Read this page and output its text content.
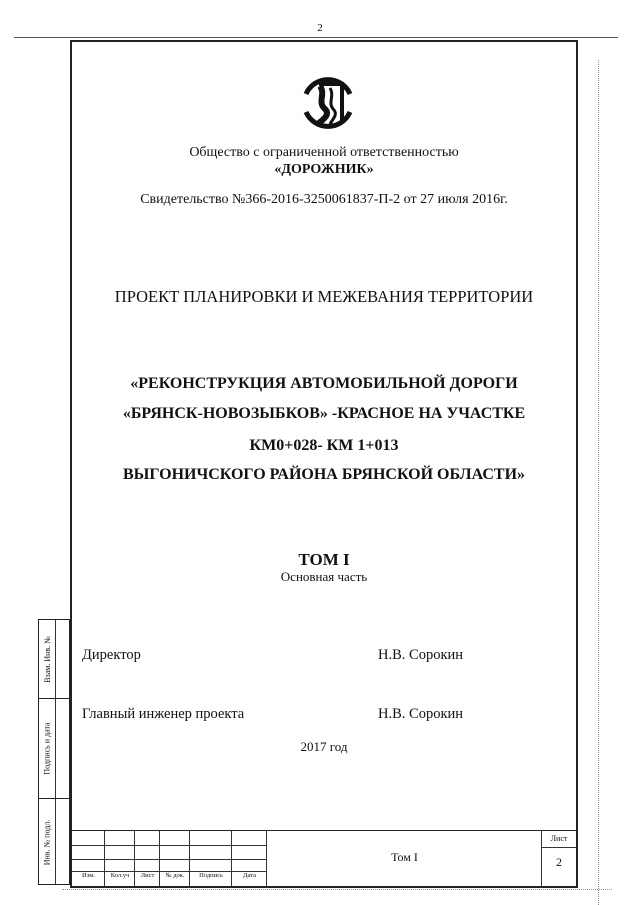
2
Общество с ограниченной ответственностью
«ДОРОЖНИК»
Свидетельство №366-2016-3250061837-П-2 от 27 июля 2016г.
ПРОЕКТ ПЛАНИРОВКИ И МЕЖЕВАНИЯ ТЕРРИТОРИИ
«РЕКОНСТРУКЦИЯ АВТОМОБИЛЬНОЙ ДОРОГИ
«БРЯНСК-НОВОЗЫБКОВ» -КРАСНОЕ НА УЧАСТКЕ
КМ0+028- КМ 1+013
ВЫГОНИЧСКОГО РАЙОНА БРЯНСКОЙ ОБЛАСТИ»
ТОМ I
Основная часть
Директор	Н.В. Сорокин
Главный инженер проекта	Н.В. Сорокин
2017 год
Взам. Инв. №
Подпись и дата
Инв. № подл.
Изм.	Кол.уч	Лист	№ док.	Подпись	Дата
Том I
Лист
2
